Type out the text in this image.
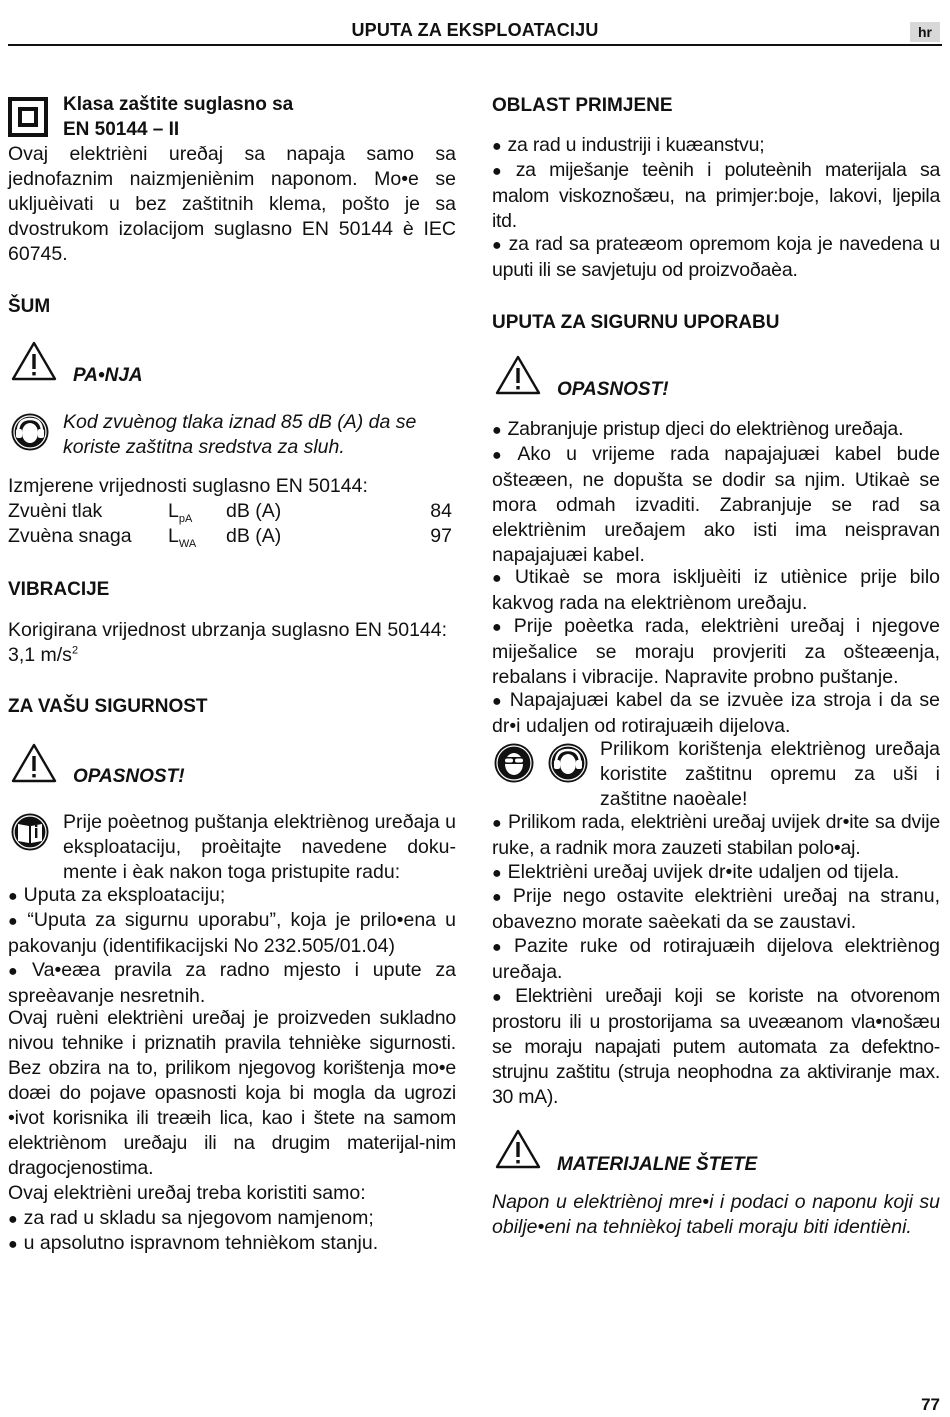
UPUTA ZA EKSPLOATACIJU	hr
Klasa zaštite suglasno sa
EN 50144 – II

Ovaj elektrièni ureðaj sa napaja samo sa jednofaznim naizmjeniènim naponom. Mo•e se ukljuèivati u bez zaštitnih klema, pošto je sa dvostrukom izolacijom suglasno EN 50144 è IEC 60745.

ŠUM
PA•NJA

Kod zvuènog tlaka iznad 85 dB (A) da se koriste zaštitna sredstva za sluh.

Izmjerene vrijednosti suglasno EN 50144:

Zvuèni tlak	$L_{pA}$ dB (A)	84
Zvuèna snaga $L_{WA}$ dB (A)	97
VIBRACIJE

Korigirana vrijednost ubrzanja suglasno EN 50144:

3,1 $m/s^2$

ZA VAŠU SIGURNOST
OPASNOST!

Prije poèetnog puštanja elektriènog ureðaja u eksploataciju, proèitajte navedene doku-mente i èak nakon toga pristupite radu:

● Uputa za eksploataciju;

● “Uputa za sigurnu uporabu”, koja je prilo•ena u pakovanju (identifikacijski No 232.505/01.04)

● Va•eæa pravila za radno mjesto i upute za spreèavanje nesretnih.

Ovaj ruèni elektrièni ureðaj je proizveden sukladno nivou tehnike i priznatih pravila tehnièke sigurnosti. Bez obzira na to, prilikom njegovog korištenja mo•e doæi do pojave opasnosti koja bi mogla da ugrozi •ivot korisnika ili treæih lica, kao i štete na samom elektriènom ureðaju ili na drugim materijal-nim dragocjenostima.

Ovaj elektrièni ureðaj treba koristiti samo:

● za rad u skladu sa njegovom namjenom;

● u apsolutno ispravnom tehnièkom stanju.

OBLAST PRIMJENE

● za rad u industriji i kuæanstvu;

● za miješanje teènih i poluteènih materijala sa malom viskoznošæu, na primjer:boje, lakovi, ljepila itd.

● za rad sa prateæom opremom koja je navedena u uputi ili se savjetuju od proizvoðaèa.

UPUTA ZA SIGURNU UPORABU
OPASNOST!

● Zabranjuje pristup djeci do elektriènog ureðaja.

● Ako u vrijeme rada napajajuæi kabel bude ošteæen, ne dopušta se dodir sa njim. Utikaè se mora odmah izvaditi. Zabranjuje se rad sa elektriènim ureðajem ako isti ima neispravan napajajuæi kabel.

● Utikaè se mora iskljuèiti iz utiènice prije bilo kakvog rada na elektriènom ureðaju.

● Prije poèetka rada, elektrièni ureðaj i njegove miješalice se moraju provjeriti za ošteæenja, rebalans i vibracije. Napravite probno puštanje.

● Napajajuæi kabel da se izvuèe iza stroja i da se dr•i udaljen od rotirajuæih dijelova.

Prilikom korištenja elektriènog ureðaja koristite zaštitnu opremu za uši i zaštitne naoèale!

● Prilikom rada, elektrièni ureðaj uvijek dr•ite sa dvije ruke, a radnik mora zauzeti stabilan polo•aj.

● Elektrièni ureðaj uvijek dr•ite udaljen od tijela.

● Prije nego ostavite elektrièni ureðaj na stranu, obavezno morate saèekati da se zaustavi.

● Pazite ruke od rotirajuæih dijelova elektriènog ureðaja.

● Elektrièni ureðaji koji se koriste na otvorenom prostoru ili u prostorijama sa uveæanom vla•nošæu se moraju napajati putem automata za defektno-strujnu zaštitu (struja neophodna za aktiviranje max. 30 mA).

MATERIJALNE ŠTETE

Napon u elektriènoj mre•i i podaci o naponu koji su obilje•eni na tehnièkoj tabeli moraju biti identièni.

77
